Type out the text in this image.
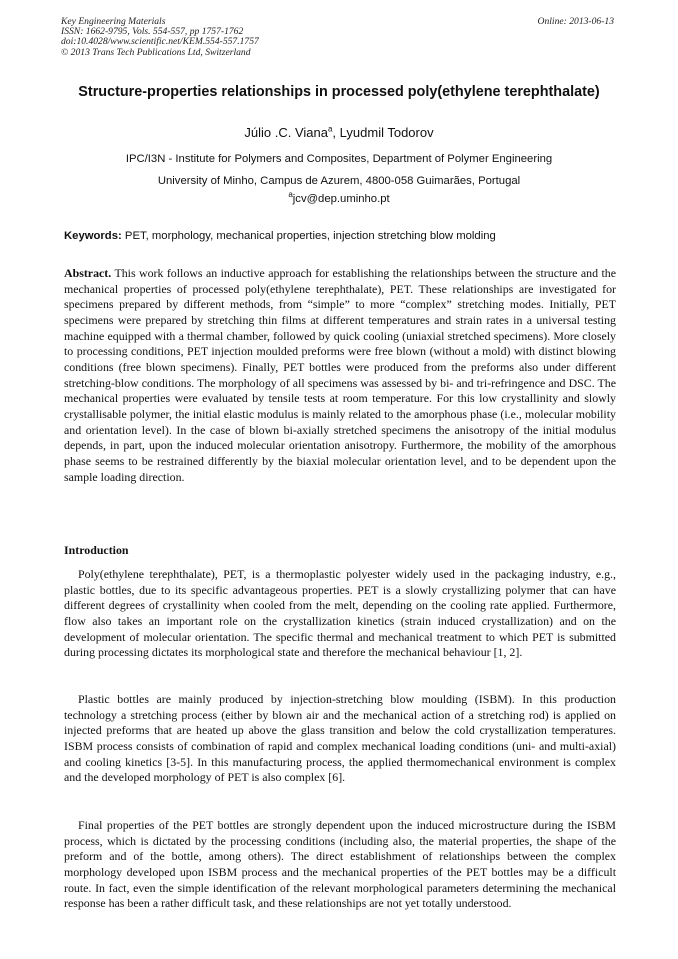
Key Engineering Materials
ISSN: 1662-9795, Vols. 554-557, pp 1757-1762
doi:10.4028/www.scientific.net/KEM.554-557.1757
© 2013 Trans Tech Publications Ltd, Switzerland
Online: 2013-06-13
Structure-properties relationships in processed poly(ethylene terephthalate)
Júlio .C. Viana$^a$, Lyudmil Todorov
IPC/I3N - Institute for Polymers and Composites, Department of Polymer Engineering
University of Minho, Campus de Azurem, 4800-058 Guimarães, Portugal
$^a$jcv@dep.uminho.pt
Keywords: PET, morphology, mechanical properties, injection stretching blow molding

Abstract. This work follows an inductive approach for establishing the relationships between the structure and the mechanical properties of processed poly(ethylene terephthalate), PET. These relationships are investigated for specimens prepared by different methods, from “simple” to more “complex” stretching modes. Initially, PET specimens were prepared by stretching thin films at different temperatures and strain rates in a universal testing machine equipped with a thermal chamber, followed by quick cooling (uniaxial stretched specimens). More closely to processing conditions, PET injection moulded preforms were free blown (without a mold) with distinct blowing conditions (free blown specimens). Finally, PET bottles were produced from the preforms also under different stretching-blow conditions. The morphology of all specimens was assessed by bi- and tri-refringence and DSC. The mechanical properties were evaluated by tensile tests at room temperature. For this low crystallinity and slowly crystallisable polymer, the initial elastic modulus is mainly related to the amorphous phase (i.e., molecular mobility and orientation level). In the case of blown bi-axially stretched specimens the anisotropy of the initial modulus depends, in part, upon the induced molecular orientation anisotropy. Furthermore, the mobility of the amorphous phase seems to be restrained differently by the biaxial molecular orientation level, and to be dependent upon the sample loading direction.

Introduction

Poly(ethylene terephthalate), PET, is a thermoplastic polyester widely used in the packaging industry, e.g., plastic bottles, due to its specific advantageous properties. PET is a slowly crystallizing polymer that can have different degrees of crystallinity when cooled from the melt, depending on the cooling rate applied. Furthermore, flow also takes an important role on the crystallization kinetics (strain induced crystallization) and on the development of molecular orientation. The specific thermal and mechanical treatment to which PET is submitted during processing dictates its morphological state and therefore the mechanical behaviour [1, 2].

Plastic bottles are mainly produced by injection-stretching blow moulding (ISBM). In this production technology a stretching process (either by blown air and the mechanical action of a stretching rod) is applied on injected preforms that are heated up above the glass transition and below the cold crystallization temperatures. ISBM process consists of combination of rapid and complex mechanical loading conditions (uni- and multi-axial) and cooling kinetics [3-5]. In this manufacturing process, the applied thermomechanical environment is complex and the developed morphology of PET is also complex [6].

Final properties of the PET bottles are strongly dependent upon the induced microstructure during the ISBM process, which is dictated by the processing conditions (including also, the material properties, the shape of the preform and of the bottle, among others). The direct establishment of relationships between the complex morphology developed upon ISBM process and the mechanical properties of the PET bottles may be a difficult route. In fact, even the simple identification of the relevant morphological parameters determining the mechanical response has been a rather difficult task, and these relationships are not yet totally understood.
